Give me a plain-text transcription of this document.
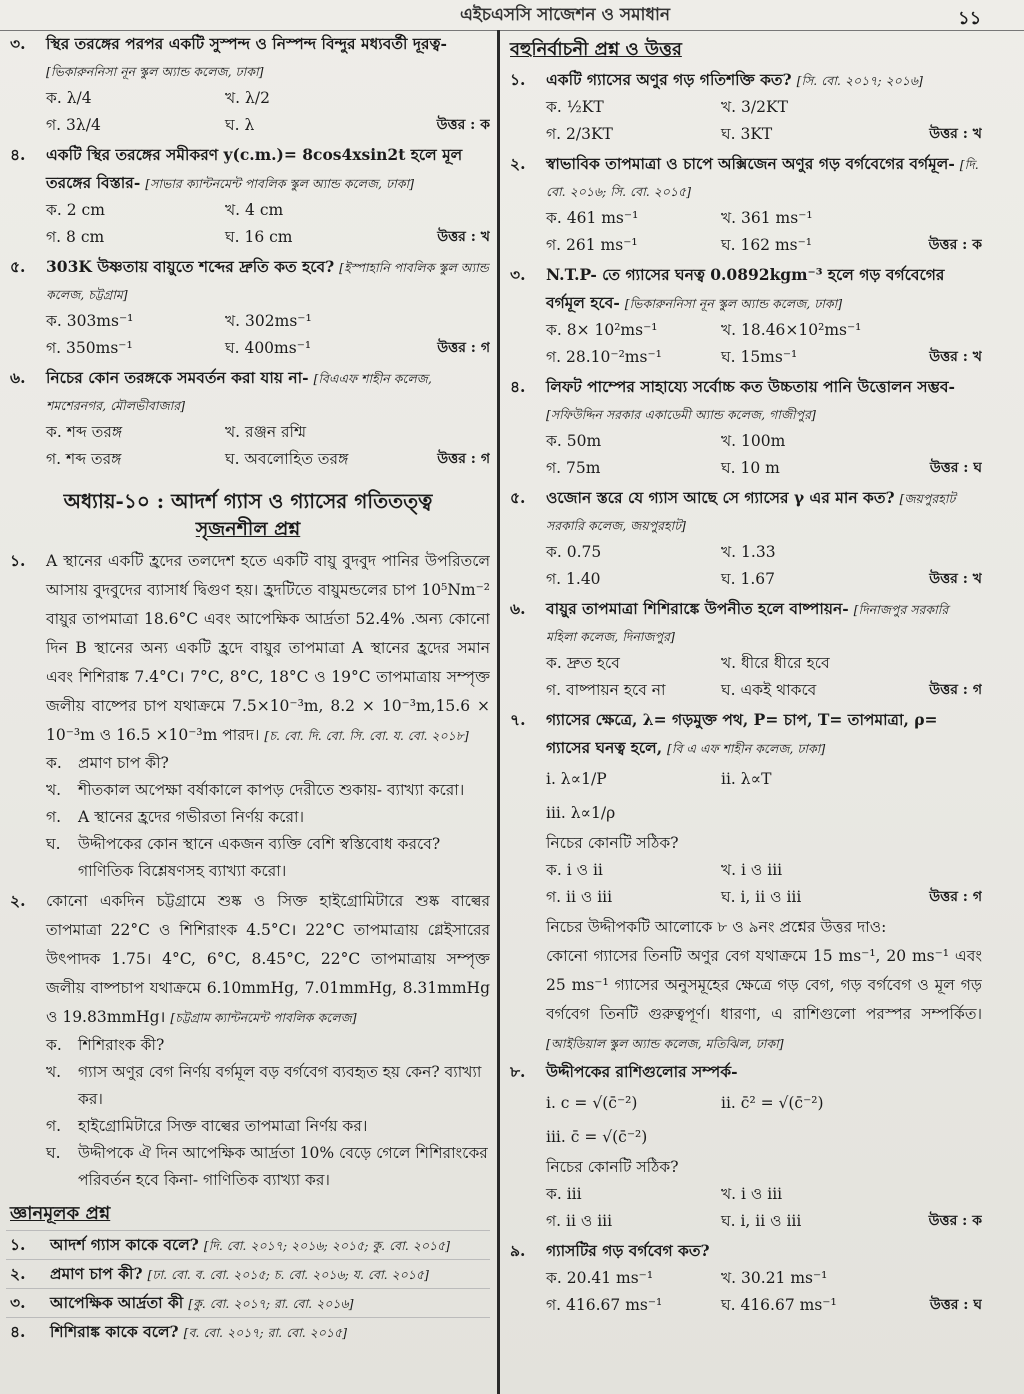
এইচএসসি সাজেশন ও সমাধান	১১
৩. স্থির তরঙ্গের পরপর একটি সুস্পন্দ ও নিস্পন্দ বিন্দুর মধ্যবর্তী দূরত্ব- [ভিকারুননিসা নূন স্কুল অ্যান্ড কলেজ, ঢাকা]
ক. λ/4	খ. λ/2
গ. 3λ/4	ঘ. λ	উত্তর : ক
৪. একটি স্থির তরঙ্গের সমীকরণ y(c.m.)= 8cos4xsin2t হলে মূল তরঙ্গের বিস্তার- [সাভার ক্যান্টনমেন্ট পাবলিক স্কুল অ্যান্ড কলেজ, ঢাকা]
ক. 2 cm	খ. 4 cm
গ. 8 cm	ঘ. 16 cm	উত্তর : খ
৫. 303K উষ্ণতায় বায়ুতে শব্দের দ্রুতি কত হবে? [ইস্পাহানি পাবলিক স্কুল অ্যান্ড কলেজ, চট্টগ্রাম]
ক. 303ms⁻¹	খ. 302ms⁻¹
গ. 350ms⁻¹	ঘ. 400ms⁻¹	উত্তর : গ
৬. নিচের কোন তরঙ্গকে সমবর্তন করা যায় না- [বিএএফ শাহীন কলেজ, শমশেরনগর, মৌলভীবাজার]
ক. শব্দ তরঙ্গ	খ. রঞ্জন রশ্মি
গ. শব্দ তরঙ্গ	ঘ. অবলোহিত তরঙ্গ	উত্তর : গ
অধ্যায়-১০ : আদর্শ গ্যাস ও গ্যাসের গতিতত্ত্ব
সৃজনশীল প্রশ্ন
১. A স্থানের একটি হ্রদের তলদেশ হতে একটি বায়ু বুদবুদ পানির উপরিতলে আসায় বুদবুদের ব্যাসার্ধ দ্বিগুণ হয়। হ্রদটিতে বায়ুমন্ডলের চাপ 10⁵Nm⁻² বায়ুর তাপমাত্রা 18.6°C এবং আপেক্ষিক আর্দ্রতা 52.4% .অন্য কোনো দিন B স্থানের অন্য একটি হ্রদে বায়ুর তাপমাত্রা A স্থানের হ্রদের সমান এবং শিশিরাঙ্ক 7.4°C। 7°C, 8°C, 18°C ও 19°C তাপমাত্রায় সম্পৃক্ত জলীয় বাষ্পের চাপ যথাক্রমে 7.5×10⁻³m, 8.2 × 10⁻³m,15.6 × 10⁻³m ও 16.5 ×10⁻³m পারদ। [চ. বো. দি. বো. সি. বো. য. বো. ২০১৮]
ক. প্রমাণ চাপ কী?
খ. শীতকাল অপেক্ষা বর্ষাকালে কাপড় দেরীতে শুকায়- ব্যাখ্যা করো।
গ. A স্থানের হ্রদের গভীরতা নির্ণয় করো।
ঘ. উদ্দীপকের কোন স্থানে একজন ব্যক্তি বেশি স্বস্তিবোধ করবে? গাণিতিক বিশ্লেষণসহ ব্যাখ্যা করো।
২. কোনো একদিন চট্টগ্রামে শুষ্ক ও সিক্ত হাইগ্রোমিটারে শুষ্ক বাল্বের তাপমাত্রা 22°C ও শিশিরাংক 4.5°C। 22°C তাপমাত্রায় গ্লেইসারের উৎপাদক 1.75। 4°C, 6°C, 8.45°C, 22°C তাপমাত্রায় সম্পৃক্ত জলীয় বাষ্পচাপ যথাক্রমে 6.10mmHg, 7.01mmHg, 8.31mmHg ও 19.83mmHg। [চট্টগ্রাম ক্যান্টনমেন্ট পাবলিক কলেজ]
ক. শিশিরাংক কী?
খ. গ্যাস অণুর বেগ নির্ণয় বর্গমূল বড় বর্গবেগ ব্যবহৃত হয় কেন? ব্যাখ্যা কর।
গ. হাইগ্রোমিটারে সিক্ত বাল্বের তাপমাত্রা নির্ণয় কর।
ঘ. উদ্দীপকে ঐ দিন আপেক্ষিক আর্দ্রতা 10% বেড়ে গেলে শিশিরাংকের পরিবর্তন হবে কিনা- গাণিতিক ব্যাখ্যা কর।
জ্ঞানমূলক প্রশ্ন
১. আদর্শ গ্যাস কাকে বলে? [দি. বো. ২০১৭; ২০১৬; ২০১৫; কু. বো. ২০১৫]
২. প্রমাণ চাপ কী? [ঢা. বো. ব. বো. ২০১৫; চ. বো. ২০১৬; য. বো. ২০১৫]
৩. আপেক্ষিক আর্দ্রতা কী [কু. বো. ২০১৭; রা. বো. ২০১৬]
৪. শিশিরাঙ্ক কাকে বলে? [ব. বো. ২০১৭; রা. বো. ২০১৫]
বহুনির্বাচনী প্রশ্ন ও উত্তর
১. একটি গ্যাসের অণুর গড় গতিশক্তি কত? [সি. বো. ২০১৭; ২০১৬]
ক. ½KT	খ. 3/2KT
গ. 2/3KT	ঘ. 3KT	উত্তর : খ
২. স্বাভাবিক তাপমাত্রা ও চাপে অক্সিজেন অণুর গড় বর্গবেগের বর্গমূল- [দি. বো. ২০১৬; সি. বো. ২০১৫]
ক. 461 ms⁻¹	খ. 361 ms⁻¹
গ. 261 ms⁻¹	ঘ. 162 ms⁻¹	উত্তর : ক
৩. N.T.P- তে গ্যাসের ঘনত্ব 0.0892kgm⁻³ হলে গড় বর্গবেগের বর্গমূল হবে- [ভিকারুননিসা নূন স্কুল অ্যান্ড কলেজ, ঢাকা]
ক. 8× 10²ms⁻¹	খ. 18.46×10²ms⁻¹
গ. 28.10⁻²ms⁻¹	ঘ. 15ms⁻¹	উত্তর : খ
৪. লিফট পাম্পের সাহায্যে সর্বোচ্চ কত উচ্চতায় পানি উত্তোলন সম্ভব- [সফিউদ্দিন সরকার একাডেমী অ্যান্ড কলেজ, গাজীপুর]
ক. 50m	খ. 100m
গ. 75m	ঘ. 10 m	উত্তর : ঘ
৫. ওজোন স্তরে যে গ্যাস আছে সে গ্যাসের γ এর মান কত? [জয়পুরহাট সরকারি কলেজ, জয়পুরহাট]
ক. 0.75	খ. 1.33
গ. 1.40	ঘ. 1.67	উত্তর : খ
৬. বায়ুর তাপমাত্রা শিশিরাঙ্কে উপনীত হলে বাষ্পায়ন- [দিনাজপুর সরকারি মহিলা কলেজ, দিনাজপুর]
ক. দ্রুত হবে	খ. ধীরে ধীরে হবে
গ. বাষ্পায়ন হবে না	ঘ. একই থাকবে	উত্তর : গ
৭. গ্যাসের ক্ষেত্রে, λ= গড়মুক্ত পথ, P= চাপ, T= তাপমাত্রা, ρ= গ্যাসের ঘনত্ব হলে, [বি এ এফ শাহীন কলেজ, ঢাকা]
i. λ∝1/P	ii. λ∝T
iii. λ∝1/ρ
নিচের কোনটি সঠিক?
ক. i ও ii	খ. i ও iii
গ. ii ও iii	ঘ. i, ii ও iii	উত্তর : গ
নিচের উদ্দীপকটি আলোকে ৮ ও ৯নং প্রশ্নের উত্তর দাও:
কোনো গ্যাসের তিনটি অণুর বেগ যথাক্রমে 15 ms⁻¹, 20 ms⁻¹ এবং 25 ms⁻¹ গ্যাসের অনুসমূহের ক্ষেত্রে গড় বেগ, গড় বর্গবেগ ও মূল গড় বর্গবেগ তিনটি গুরুত্বপূর্ণ। ধারণা, এ রাশিগুলো পরস্পর সম্পর্কিত। [আইডিয়াল স্কুল অ্যান্ড কলেজ, মতিঝিল, ঢাকা]
৮. উদ্দীপকের রাশিগুলোর সম্পর্ক-
i. c = √(c̄⁻²)	ii. c̄² = √(c̄⁻²)
iii. c̄ = √(c̄⁻²)
নিচের কোনটি সঠিক?
ক. iii	খ. i ও iii
গ. ii ও iii	ঘ. i, ii ও iii	উত্তর : ক
৯. গ্যাসটির গড় বর্গবেগ কত?
ক. 20.41 ms⁻¹	খ. 30.21 ms⁻¹
গ. 416.67 ms⁻¹	ঘ. 416.67 ms⁻¹	উত্তর : ঘ
